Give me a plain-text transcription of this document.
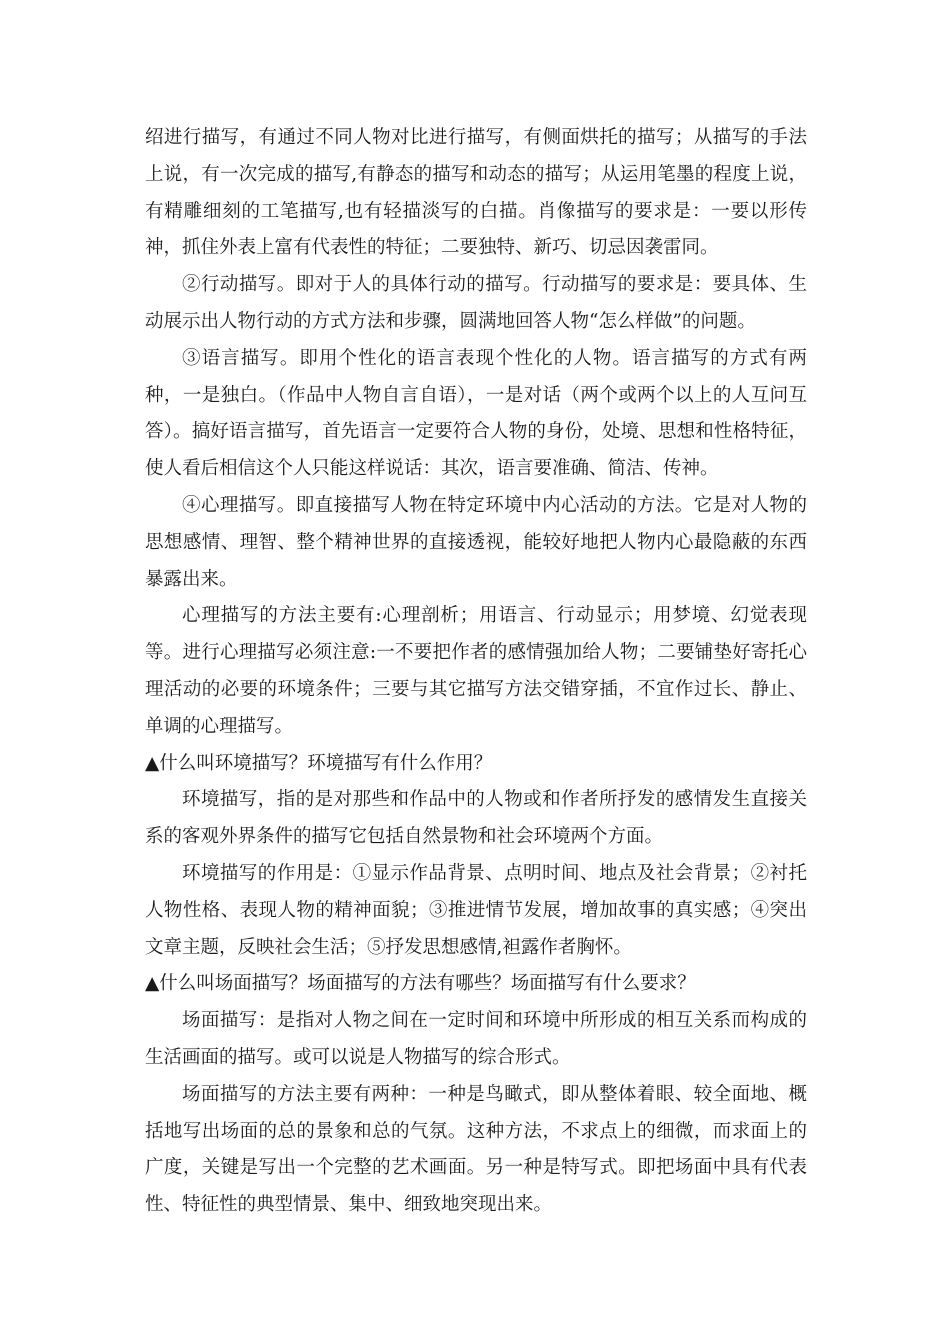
绍进行描写，有通过不同人物对比进行描写，有侧面烘托的描写；从描写的手法上说，有一次完成的描写,有静态的描写和动态的描写；从运用笔墨的程度上说，有精雕细刻的工笔描写,也有轻描淡写的白描。肖像描写的要求是：一要以形传神，抓住外表上富有代表性的特征；二要独特、新巧、切忌因袭雷同。

②行动描写。即对于人的具体行动的描写。行动描写的要求是：要具体、生动展示出人物行动的方式方法和步骤，圆满地回答人物“怎么样做”的问题。

③语言描写。即用个性化的语言表现个性化的人物。语言描写的方式有两种，一是独白。（作品中人物自言自语），一是对话（两个或两个以上的人互问互答）。搞好语言描写，首先语言一定要符合人物的身份，处境、思想和性格特征，使人看后相信这个人只能这样说话：其次，语言要准确、简洁、传神。

④心理描写。即直接描写人物在特定环境中内心活动的方法。它是对人物的思想感情、理智、整个精神世界的直接透视，能较好地把人物内心最隐蔽的东西暴露出来。

心理描写的方法主要有:心理剖析；用语言、行动显示；用梦境、幻觉表现等。进行心理描写必须注意:一不要把作者的感情强加给人物；二要铺垫好寄托心理活动的必要的环境条件；三要与其它描写方法交错穿插，不宜作过长、静止、单调的心理描写。

▲什么叫环境描写？环境描写有什么作用？

环境描写，指的是对那些和作品中的人物或和作者所抒发的感情发生直接关系的客观外界条件的描写它包括自然景物和社会环境两个方面。

环境描写的作用是：①显示作品背景、点明时间、地点及社会背景；②衬托人物性格、表现人物的精神面貌；③推进情节发展，增加故事的真实感；④突出文章主题，反映社会生活；⑤抒发思想感情,袒露作者胸怀。

▲什么叫场面描写？场面描写的方法有哪些？场面描写有什么要求？

场面描写：是指对人物之间在一定时间和环境中所形成的相互关系而构成的生活画面的描写。或可以说是人物描写的综合形式。

场面描写的方法主要有两种：一种是鸟瞰式，即从整体着眼、较全面地、概括地写出场面的总的景象和总的气氛。这种方法，不求点上的细微，而求面上的广度，关键是写出一个完整的艺术画面。另一种是特写式。即把场面中具有代表性、特征性的典型情景、集中、细致地突现出来。
